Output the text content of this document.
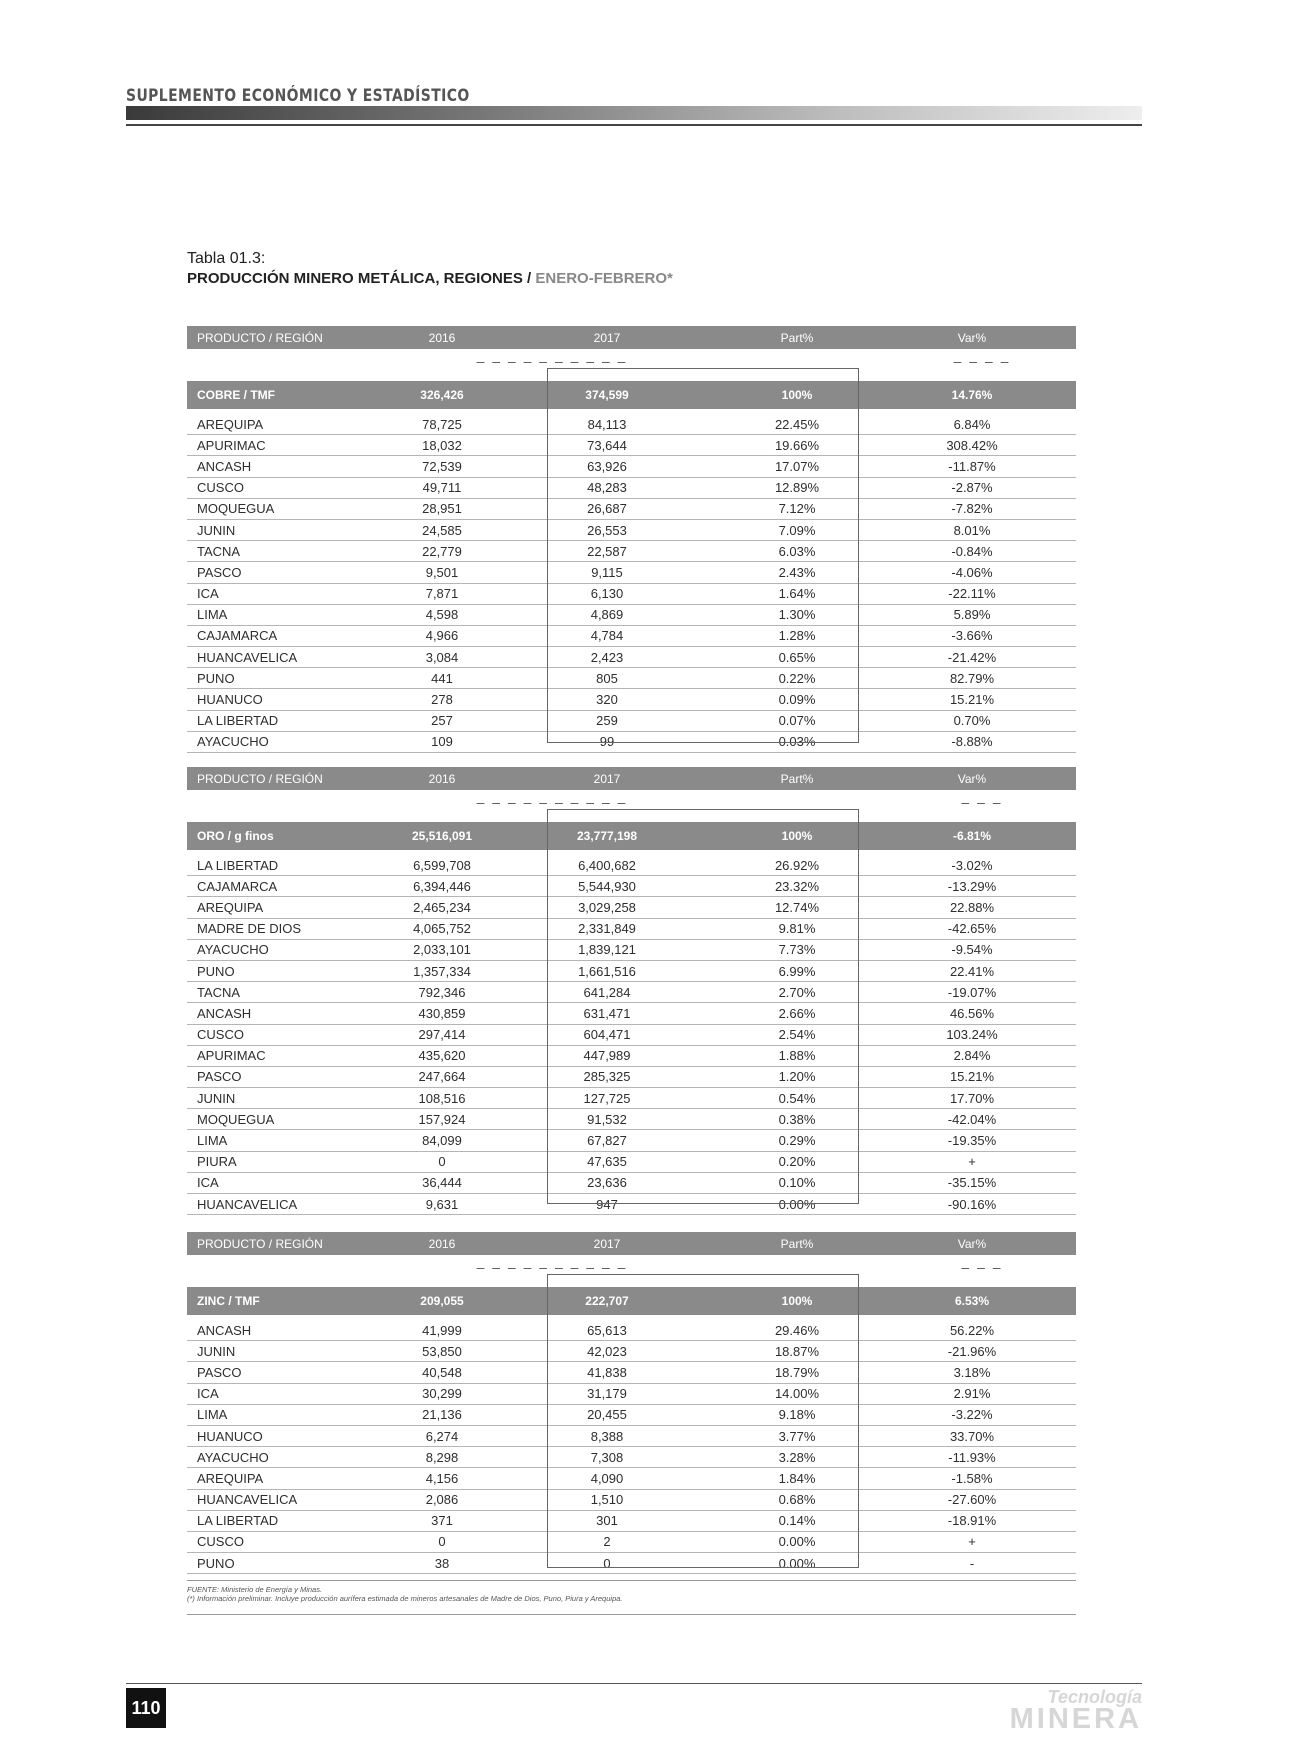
SUPLEMENTO ECONÓMICO Y ESTADÍSTICO
Tabla 01.3:
PRODUCCIÓN MINERO METÁLICA, REGIONES / ENERO-FEBRERO*
PRODUCTO / REGIÓN	2016	2017	Part%	Var%
– – – – – – – – – –	– – – –
COBRE / TMF	326,426	374,599	100%	14.76%
AREQUIPA	78,725	84,113	22.45%	6.84%
APURIMAC	18,032	73,644	19.66%	308.42%
ANCASH	72,539	63,926	17.07%	-11.87%
CUSCO	49,711	48,283	12.89%	-2.87%
MOQUEGUA	28,951	26,687	7.12%	-7.82%
JUNIN	24,585	26,553	7.09%	8.01%
TACNA	22,779	22,587	6.03%	-0.84%
PASCO	9,501	9,115	2.43%	-4.06%
ICA	7,871	6,130	1.64%	-22.11%
LIMA	4,598	4,869	1.30%	5.89%
CAJAMARCA	4,966	4,784	1.28%	-3.66%
HUANCAVELICA	3,084	2,423	0.65%	-21.42%
PUNO	441	805	0.22%	82.79%
HUANUCO	278	320	0.09%	15.21%
LA LIBERTAD	257	259	0.07%	0.70%
AYACUCHO	109	99	0.03%	-8.88%
PRODUCTO / REGIÓN	2016	2017	Part%	Var%
– – – – – – – – – –	– – –
ORO / g finos	25,516,091	23,777,198	100%	-6.81%
LA LIBERTAD	6,599,708	6,400,682	26.92%	-3.02%
CAJAMARCA	6,394,446	5,544,930	23.32%	-13.29%
AREQUIPA	2,465,234	3,029,258	12.74%	22.88%
MADRE DE DIOS	4,065,752	2,331,849	9.81%	-42.65%
AYACUCHO	2,033,101	1,839,121	7.73%	-9.54%
PUNO	1,357,334	1,661,516	6.99%	22.41%
TACNA	792,346	641,284	2.70%	-19.07%
ANCASH	430,859	631,471	2.66%	46.56%
CUSCO	297,414	604,471	2.54%	103.24%
APURIMAC	435,620	447,989	1.88%	2.84%
PASCO	247,664	285,325	1.20%	15.21%
JUNIN	108,516	127,725	0.54%	17.70%
MOQUEGUA	157,924	91,532	0.38%	-42.04%
LIMA	84,099	67,827	0.29%	-19.35%
PIURA	0	47,635	0.20%	+
ICA	36,444	23,636	0.10%	-35.15%
HUANCAVELICA	9,631	947	0.00%	-90.16%
PRODUCTO / REGIÓN	2016	2017	Part%	Var%
– – – – – – – – – –	– – –
ZINC / TMF	209,055	222,707	100%	6.53%
ANCASH	41,999	65,613	29.46%	56.22%
JUNIN	53,850	42,023	18.87%	-21.96%
PASCO	40,548	41,838	18.79%	3.18%
ICA	30,299	31,179	14.00%	2.91%
LIMA	21,136	20,455	9.18%	-3.22%
HUANUCO	6,274	8,388	3.77%	33.70%
AYACUCHO	8,298	7,308	3.28%	-11.93%
AREQUIPA	4,156	4,090	1.84%	-1.58%
HUANCAVELICA	2,086	1,510	0.68%	-27.60%
LA LIBERTAD	371	301	0.14%	-18.91%
CUSCO	0	2	0.00%	+
PUNO	38	0	0.00%	-
FUENTE: Ministerio de Energía y Minas.
(*) Información preliminar. Incluye producción aurífera estimada de mineros artesanales de Madre de Dios, Puno, Piura y Arequipa.
110
Tecnología
MINERA
